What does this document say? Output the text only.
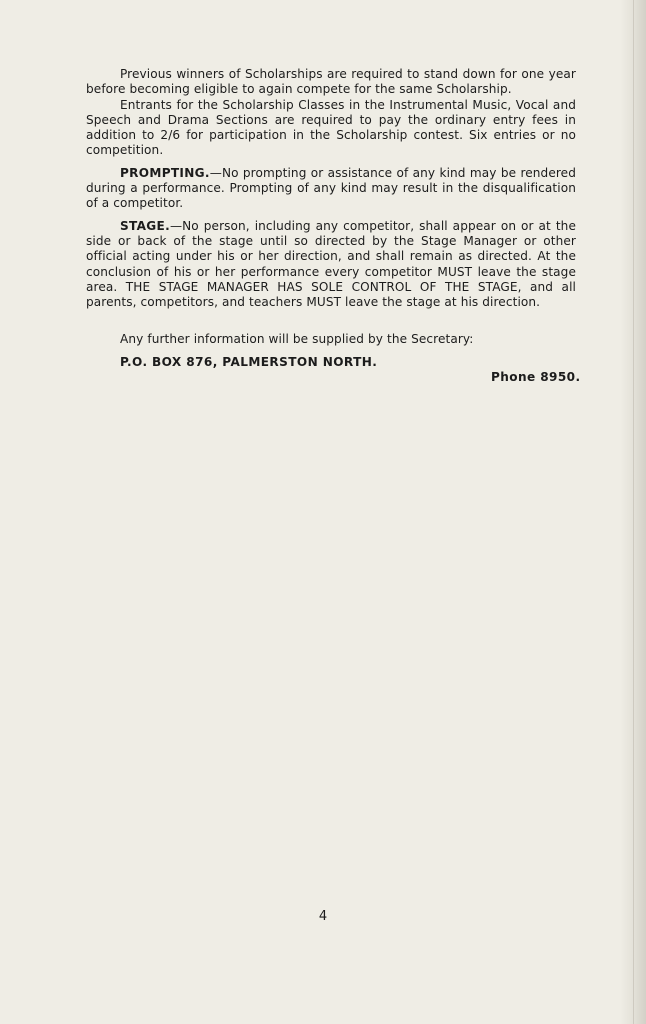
Previous winners of Scholarships are required to stand down for one year before becoming eligible to again compete for the same Scholarship.

Entrants for the Scholarship Classes in the Instrumental Music, Vocal and Speech and Drama Sections are required to pay the ordinary entry fees in addition to 2/6 for participation in the Scholarship contest. Six entries or no competition.

PROMPTING.—No prompting or assistance of any kind may be rendered during a performance. Prompting of any kind may result in the disqualification of a competitor.

STAGE.—No person, including any competitor, shall appear on or at the side or back of the stage until so directed by the Stage Manager or other official acting under his or her direction, and shall remain as directed. At the conclusion of his or her performance every competitor MUST leave the stage area. THE STAGE MANAGER HAS SOLE CONTROL OF THE STAGE, and all parents, competitors, and teachers MUST leave the stage at his direction.

Any further information will be supplied by the Secretary:

P.O. BOX 876, PALMERSTON NORTH.

Phone 8950.
4
